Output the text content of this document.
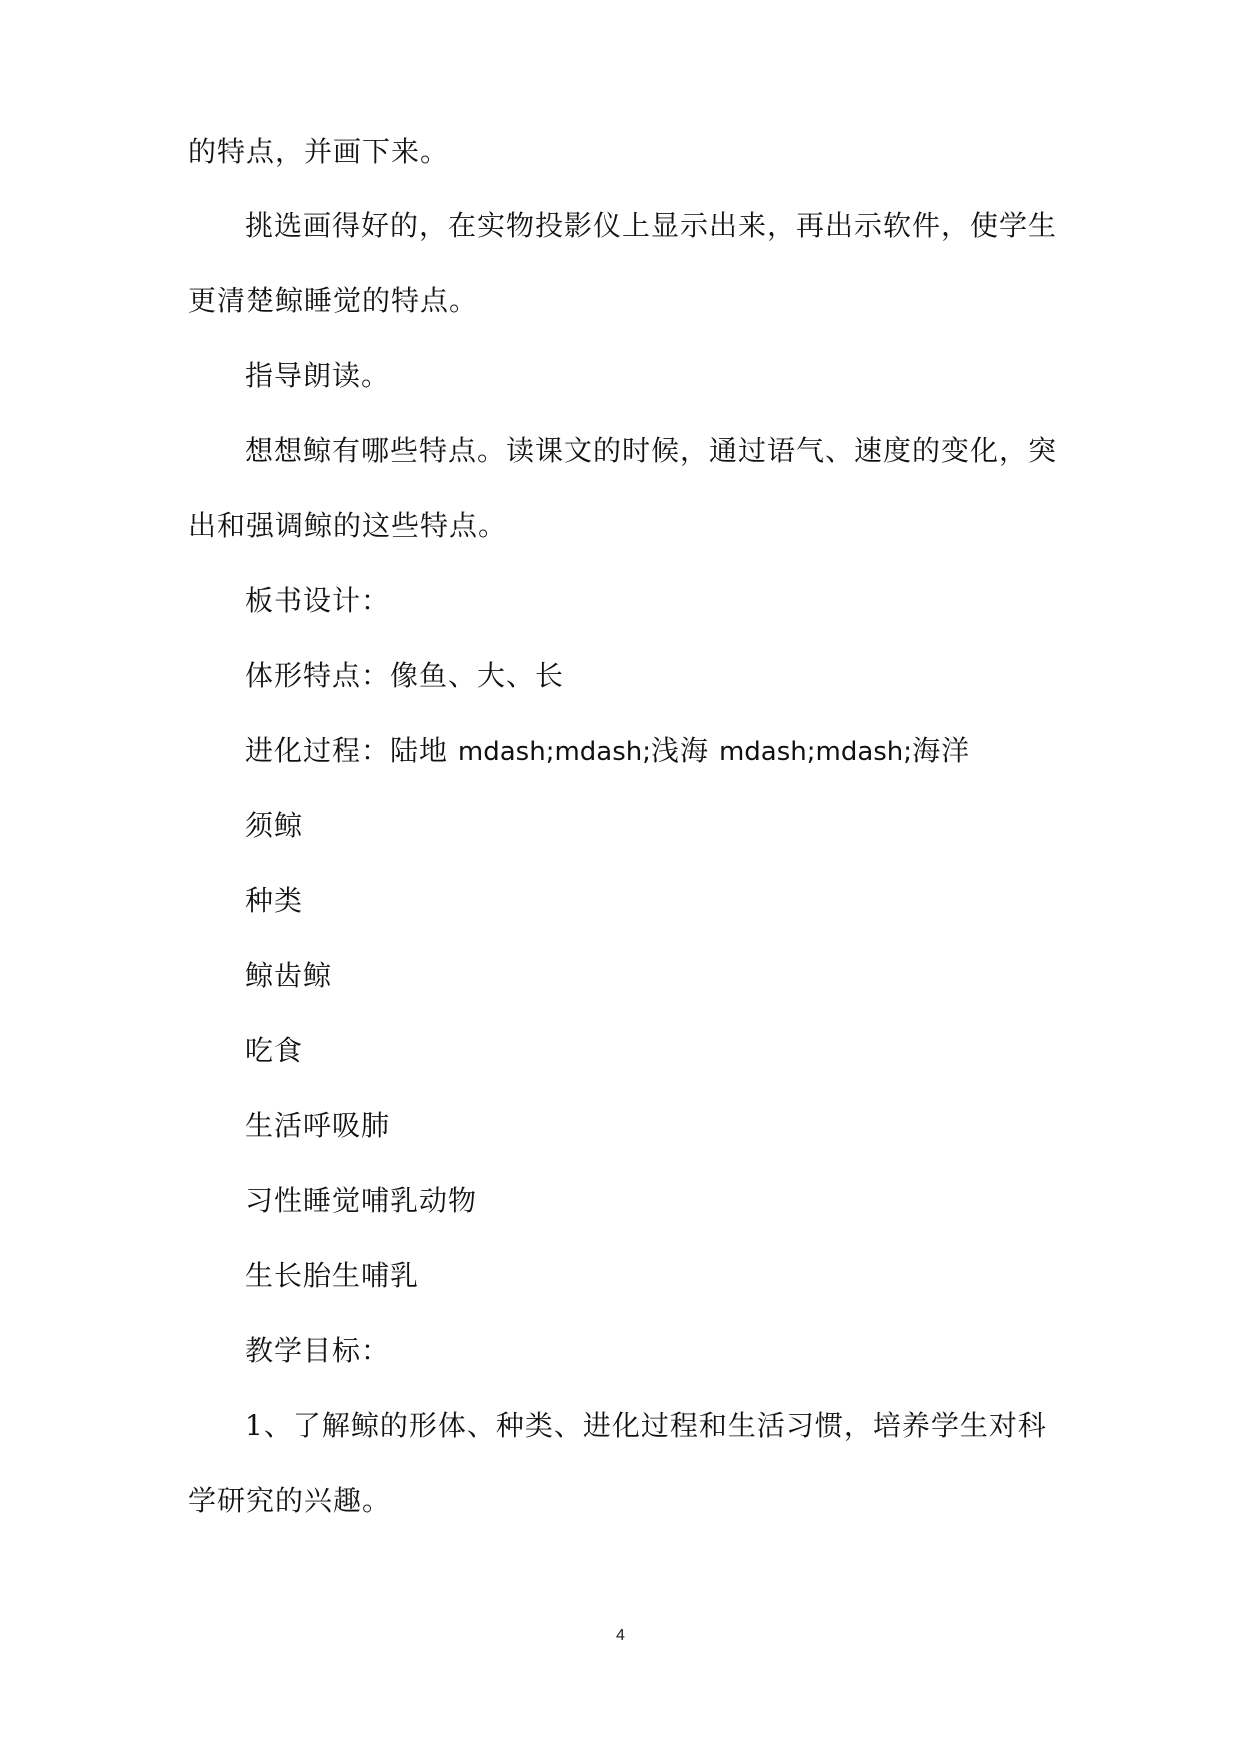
的特点，并画下来。
挑选画得好的，在实物投影仪上显示出来，再出示软件，使学生
更清楚鲸睡觉的特点。
指导朗读。
想想鲸有哪些特点。读课文的时候，通过语气、速度的变化，突
出和强调鲸的这些特点。
板书设计：
体形特点：像鱼、大、长
进化过程：陆地 mdash;mdash;浅海 mdash;mdash;海洋
须鲸
种类
鲸齿鲸
吃食
生活呼吸肺
习性睡觉哺乳动物
生长胎生哺乳
教学目标：
1、了解鲸的形体、种类、进化过程和生活习惯，培养学生对科
学研究的兴趣。
4
